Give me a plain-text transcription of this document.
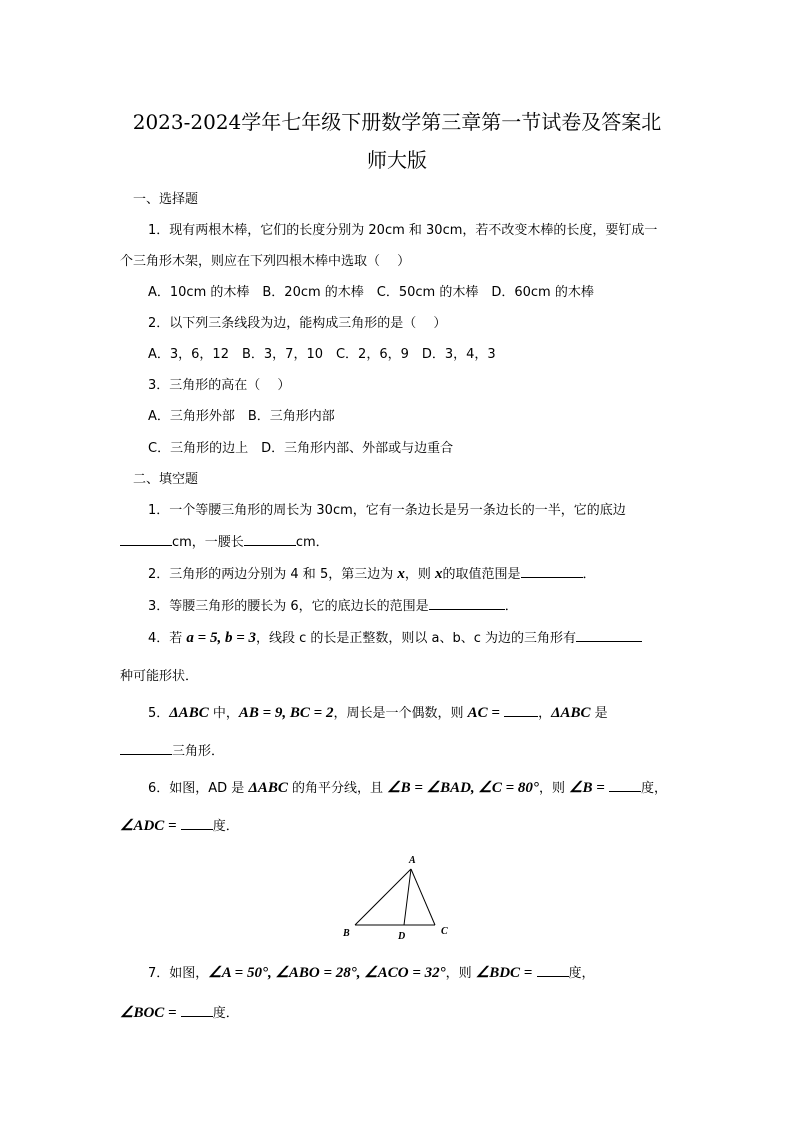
2023-2024学年七年级下册数学第三章第一节试卷及答案北
师大版
一、选择题
1．现有两根木棒，它们的长度分别为 20cm 和 30cm，若不改变木棒的长度，要钉成一
个三角形木架，则应在下列四根木棒中选取（　 ）
A．10cm 的木棒　B．20cm 的木棒　C．50cm 的木棒　D．60cm 的木棒
2．以下列三条线段为边，能构成三角形的是（　 ）
A．3，6，12　B．3，7，10　C．2，6，9　D．3，4，3
3．三角形的高在（　 ）
A．三角形外部　B．三角形内部
C．三角形的边上　D．三角形内部、外部或与边重合
二、填空题
1．一个等腰三角形的周长为 30cm，它有一条边长是另一条边长的一半，它的底边
cm，一腰长	cm．
2．三角形的两边分别为 4 和 5，第三边为 x，则 x的取值范围是	．
3．等腰三角形的腰长为 6，它的底边长的范围是	．
4．若 a = 5, b = 3，线段 c 的长是正整数，则以 a、b、c 为边的三角形有
种可能形状．
5．ΔABC 中，AB = 9, BC = 2，周长是一个偶数，则 AC =	，ΔABC 是
三角形．
6．如图，AD 是 ΔABC 的角平分线，且 ∠B = ∠BAD, ∠C = 80°，则 ∠B =	度，
∠ADC =	度．
A
B	C
D
7．如图，∠A = 50°, ∠ABO = 28°, ∠ACO = 32°，则 ∠BDC =	度，
∠BOC =	度．
